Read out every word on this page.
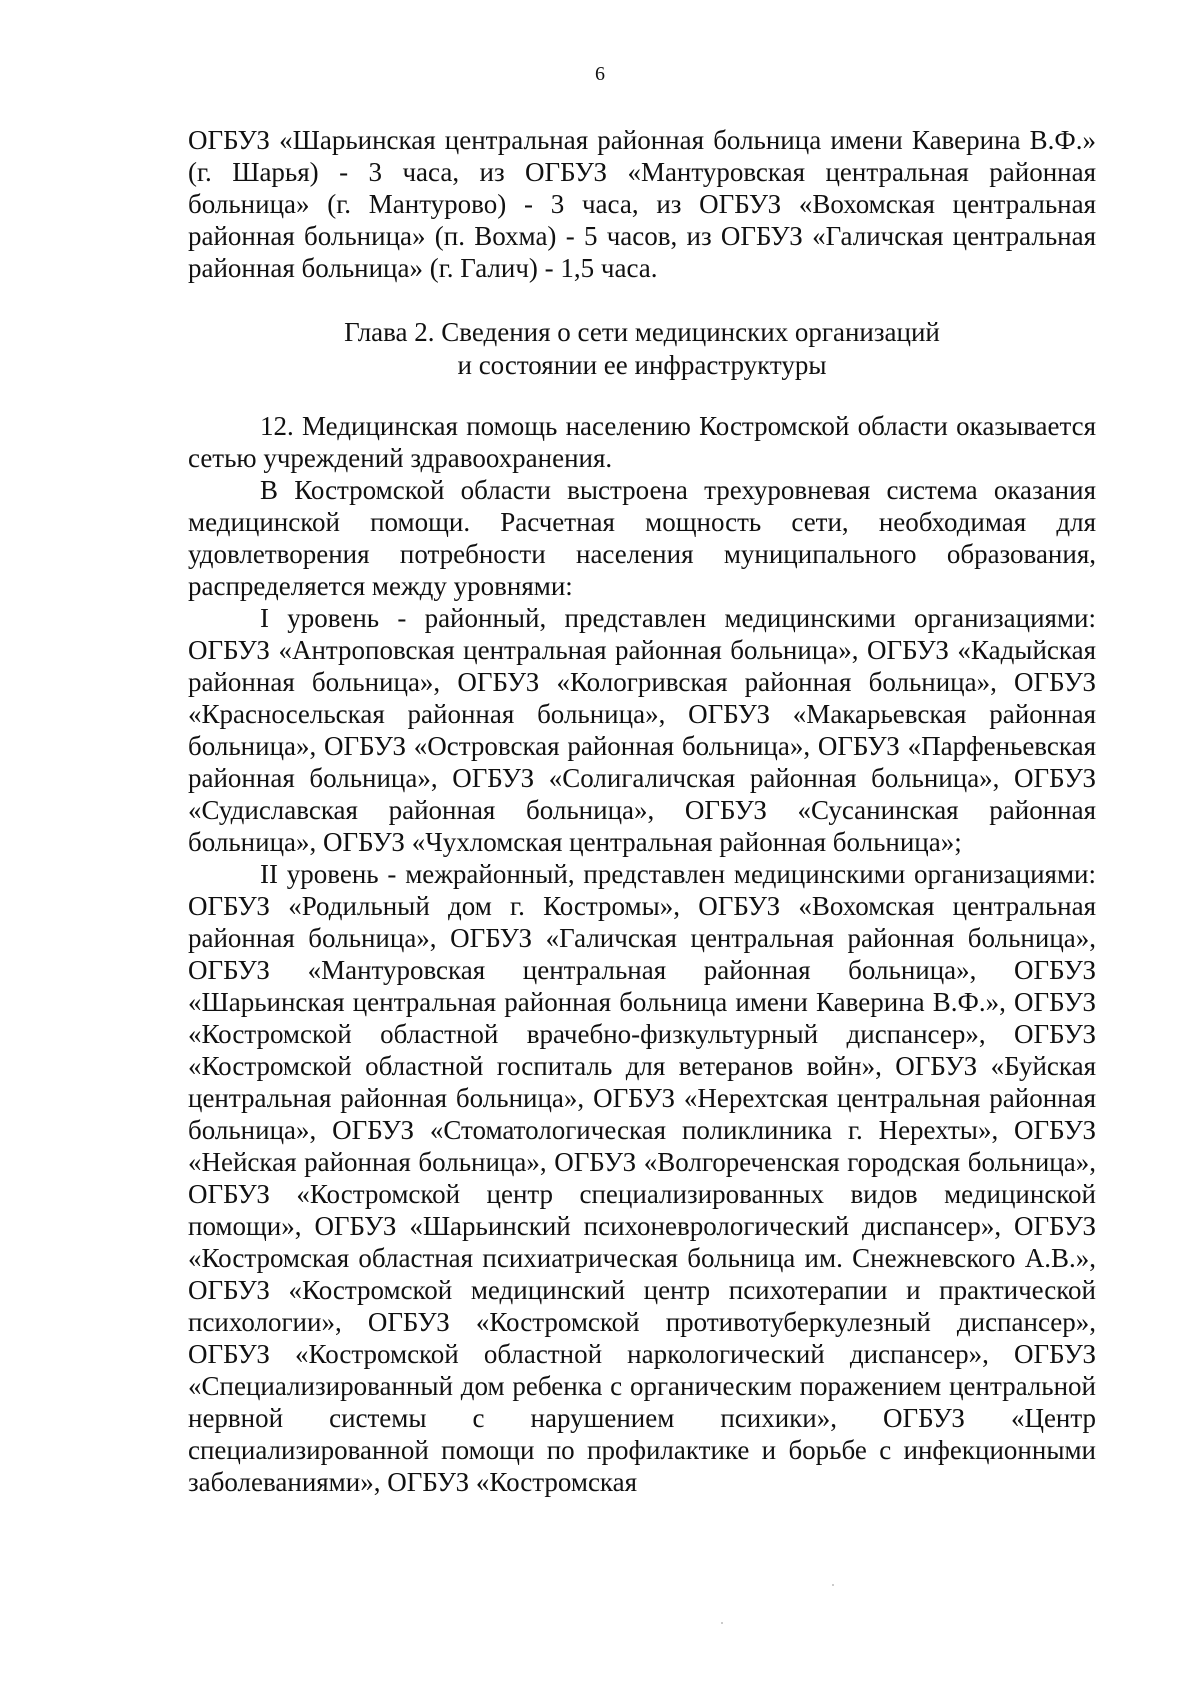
6

ОГБУЗ «Шарьинская центральная районная больница имени Каверина В.Ф.» (г. Шарья) - 3 часа, из ОГБУЗ «Мантуровская центральная районная больница» (г. Мантурово) - 3 часа, из ОГБУЗ «Вохомская центральная районная больница» (п. Вохма) - 5 часов, из ОГБУЗ «Галичская центральная районная больница» (г. Галич) - 1,5 часа.

Глава 2. Сведения о сети медицинских организаций
и состоянии ее инфраструктуры

12. Медицинская помощь населению Костромской области оказывается сетью учреждений здравоохранения.

В Костромской области выстроена трехуровневая система оказания медицинской помощи. Расчетная мощность сети, необходимая для удовлетворения потребности населения муниципального образования, распределяется между уровнями:

I уровень - районный, представлен медицинскими организациями: ОГБУЗ «Антроповская центральная районная больница», ОГБУЗ «Кадыйская районная больница», ОГБУЗ «Кологривская районная больница», ОГБУЗ «Красносельская районная больница», ОГБУЗ «Макарьевская районная больница», ОГБУЗ «Островская районная больница», ОГБУЗ «Парфеньевская районная больница», ОГБУЗ «Солигаличская районная больница», ОГБУЗ «Судиславская районная больница», ОГБУЗ «Сусанинская районная больница», ОГБУЗ «Чухломская центральная районная больница»;

II уровень - межрайонный, представлен медицинскими организациями: ОГБУЗ «Родильный дом г. Костромы», ОГБУЗ «Вохомская центральная районная больница», ОГБУЗ «Галичская центральная районная больница», ОГБУЗ «Мантуровская центральная районная больница», ОГБУЗ «Шарьинская центральная районная больница имени Каверина В.Ф.», ОГБУЗ «Костромской областной врачебно-физкультурный диспансер», ОГБУЗ «Костромской областной госпиталь для ветеранов войн», ОГБУЗ «Буйская центральная районная больница», ОГБУЗ «Нерехтская центральная районная больница», ОГБУЗ «Стоматологическая поликлиника г. Нерехты», ОГБУЗ «Нейская районная больница», ОГБУЗ «Волгореченская городская больница», ОГБУЗ «Костромской центр специализированных видов медицинской помощи», ОГБУЗ «Шарьинский психоневрологический диспансер», ОГБУЗ «Костромская областная психиатрическая больница им. Снежневского А.В.», ОГБУЗ «Костромской медицинский центр психотерапии и практической психологии», ОГБУЗ «Костромской противотуберкулезный диспансер», ОГБУЗ «Костромской областной наркологический диспансер», ОГБУЗ «Специализированный дом ребенка с органическим поражением центральной нервной системы с нарушением психики», ОГБУЗ «Центр специализированной помощи по профилактике и борьбе с инфекционными заболеваниями», ОГБУЗ «Костромская
